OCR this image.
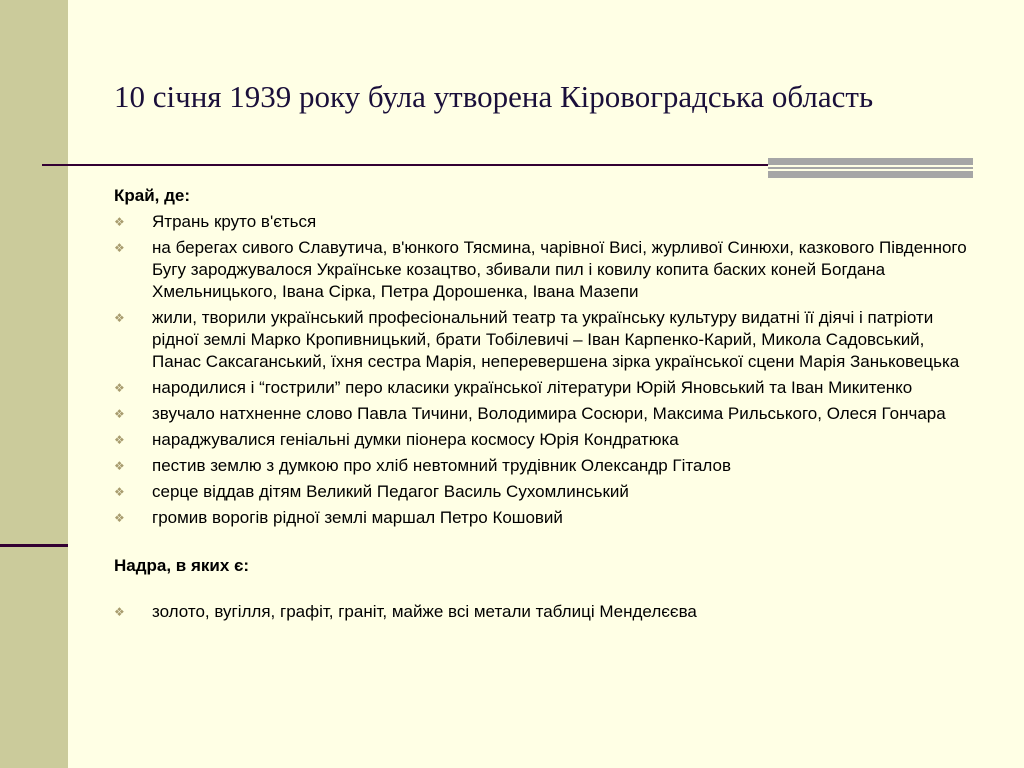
10 січня 1939 року була утворена Кіровоградська область

Край, де:

❖ Ятрань круто в'ється
❖ на берегах сивого Славутича, в'юнкого Тясмина, чарівної Висі, журливої Синюхи, казкового Південного Бугу зароджувалося Українське козацтво, збивали пил і ковилу копита баских коней Богдана Хмельницького, Івана Сірка, Петра Дорошенка, Івана Мазепи
❖ жили, творили український професіональний театр та українську культуру видатні її діячі і патріоти рідної землі Марко Кропивницький, брати Тобілевичі – Іван Карпенко-Карий, Микола Садовський, Панас Саксаганський, їхня сестра Марія, неперевершена зірка української сцени Марія Заньковецька
❖ народилися і “гострили” перо класики української літератури Юрій Яновський та Іван Микитенко
❖ звучало натхненне слово Павла Тичини, Володимира Сосюри, Максима Рильського, Олеся Гончара
❖ нараджувалися геніальні думки піонера космосу Юрія Кондратюка
❖ пестив землю з думкою про хліб невтомний трудівник Олександр Гіталов
❖ серце віддав дітям Великий Педагог Василь Сухомлинський
❖ громив ворогів рідної землі маршал Петро Кошовий

Надра, в яких є:

❖ золото, вугілля, графіт, граніт, майже всі метали таблиці Менделєєва
